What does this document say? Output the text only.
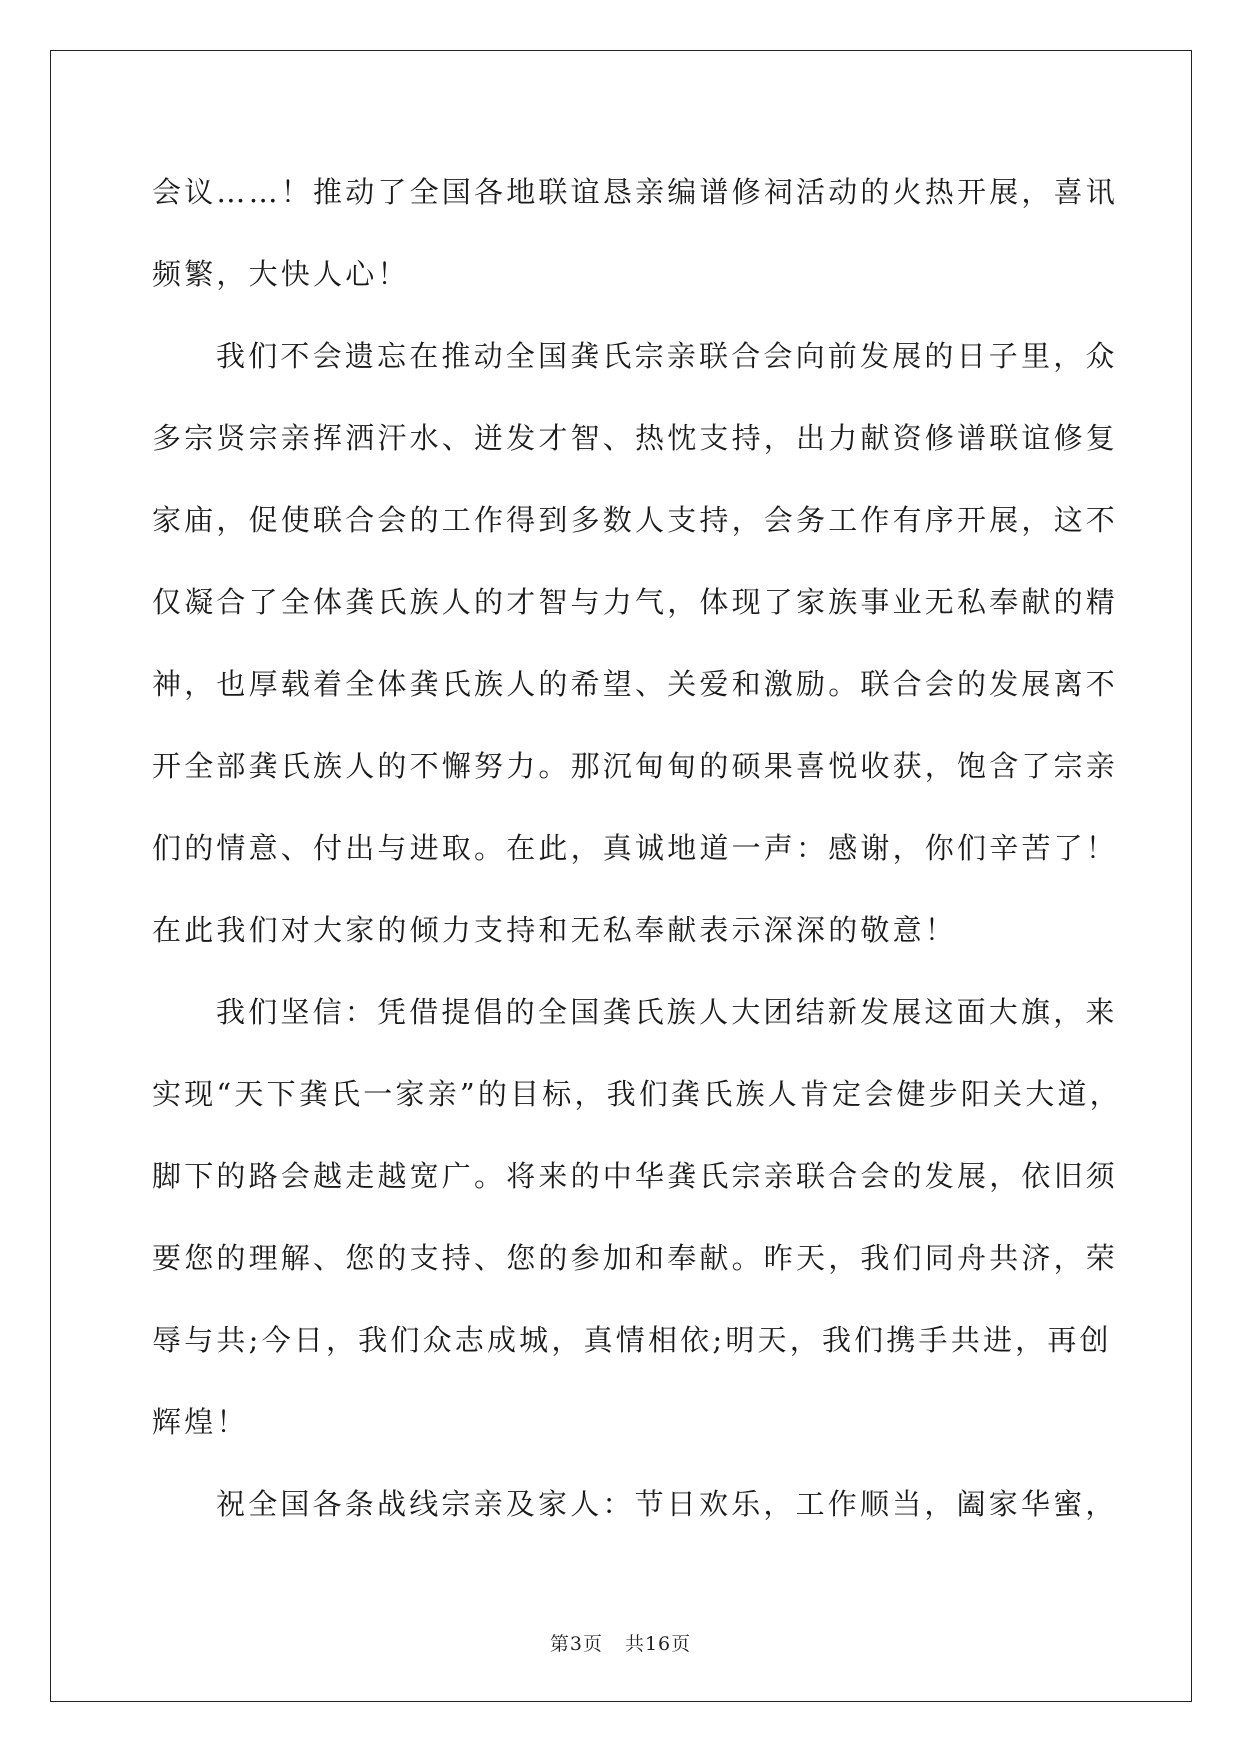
会议……！推动了全国各地联谊恳亲编谱修祠活动的火热开展，喜讯
频繁，大快人心！
我们不会遗忘在推动全国龚氏宗亲联合会向前发展的日子里，众
多宗贤宗亲挥洒汗水、迸发才智、热忱支持，出力献资修谱联谊修复
家庙，促使联合会的工作得到多数人支持，会务工作有序开展，这不
仅凝合了全体龚氏族人的才智与力气，体现了家族事业无私奉献的精
神，也厚载着全体龚氏族人的希望、关爱和激励。联合会的发展离不
开全部龚氏族人的不懈努力。那沉甸甸的硕果喜悦收获，饱含了宗亲
们的情意、付出与进取。在此，真诚地道一声：感谢，你们辛苦了！
在此我们对大家的倾力支持和无私奉献表示深深的敬意！
我们坚信：凭借提倡的全国龚氏族人大团结新发展这面大旗，来
实现“天下龚氏一家亲”的目标，我们龚氏族人肯定会健步阳关大道，
脚下的路会越走越宽广。将来的中华龚氏宗亲联合会的发展，依旧须
要您的理解、您的支持、您的参加和奉献。昨天，我们同舟共济，荣
辱与共;今日，我们众志成城，真情相依;明天，我们携手共进，再创
辉煌！
祝全国各条战线宗亲及家人：节日欢乐，工作顺当，阖家华蜜，
第3页 共16页
